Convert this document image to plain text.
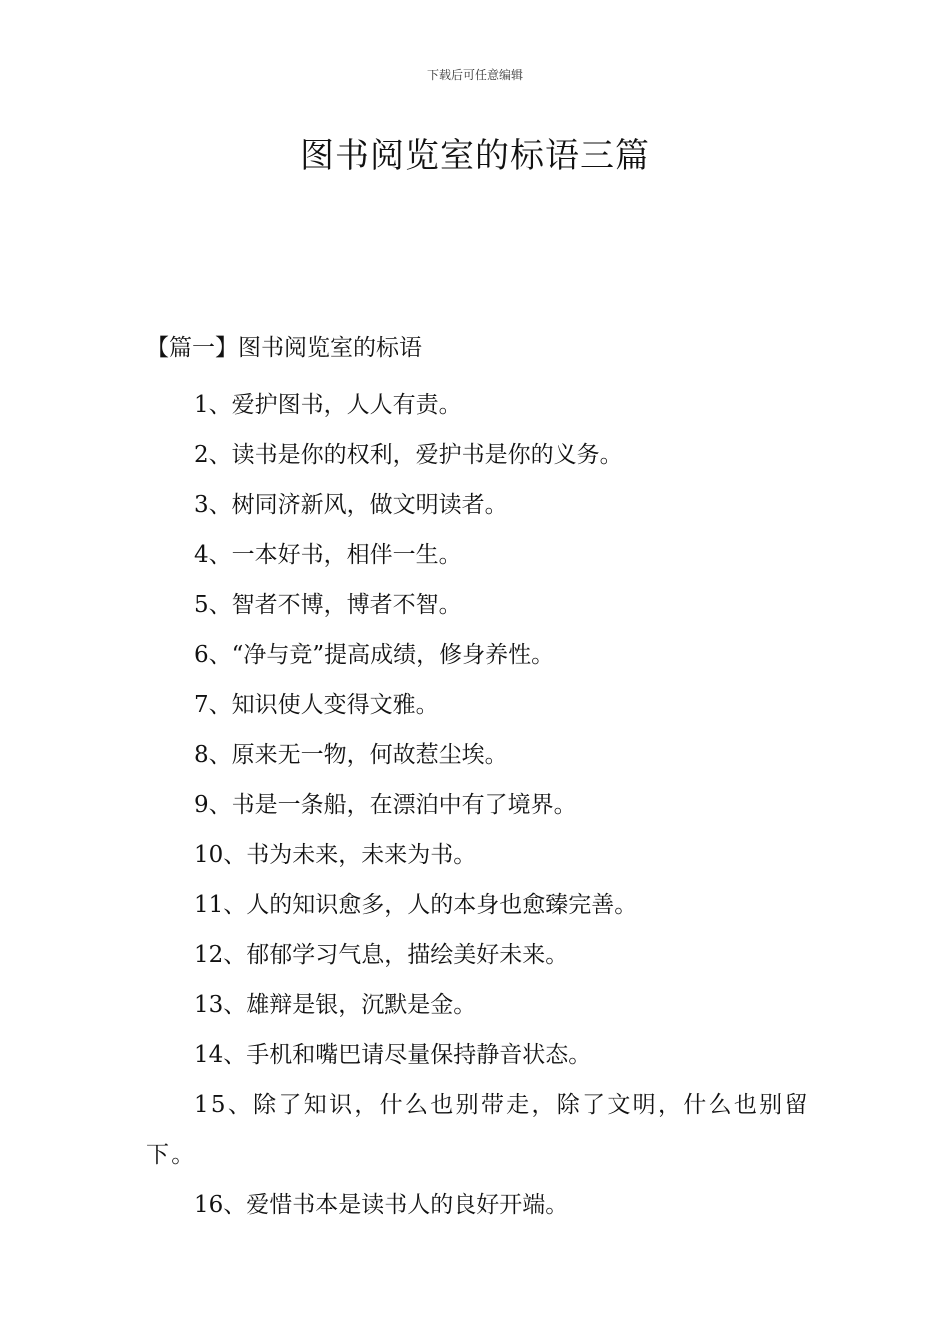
下载后可任意编辑
图书阅览室的标语三篇
【篇一】图书阅览室的标语
1、爱护图书，人人有责。
2、读书是你的权利，爱护书是你的义务。
3、树同济新风，做文明读者。
4、一本好书，相伴一生。
5、智者不博，博者不智。
6、“净与竞”提高成绩，修身养性。
7、知识使人变得文雅。
8、原来无一物，何故惹尘埃。
9、书是一条船，在漂泊中有了境界。
10、书为未来，未来为书。
11、人的知识愈多，人的本身也愈臻完善。
12、郁郁学习气息，描绘美好未来。
13、雄辩是银，沉默是金。
14、手机和嘴巴请尽量保持静音状态。
15、除了知识，什么也别带走，除了文明，什么也别留下。
16、爱惜书本是读书人的良好开端。
